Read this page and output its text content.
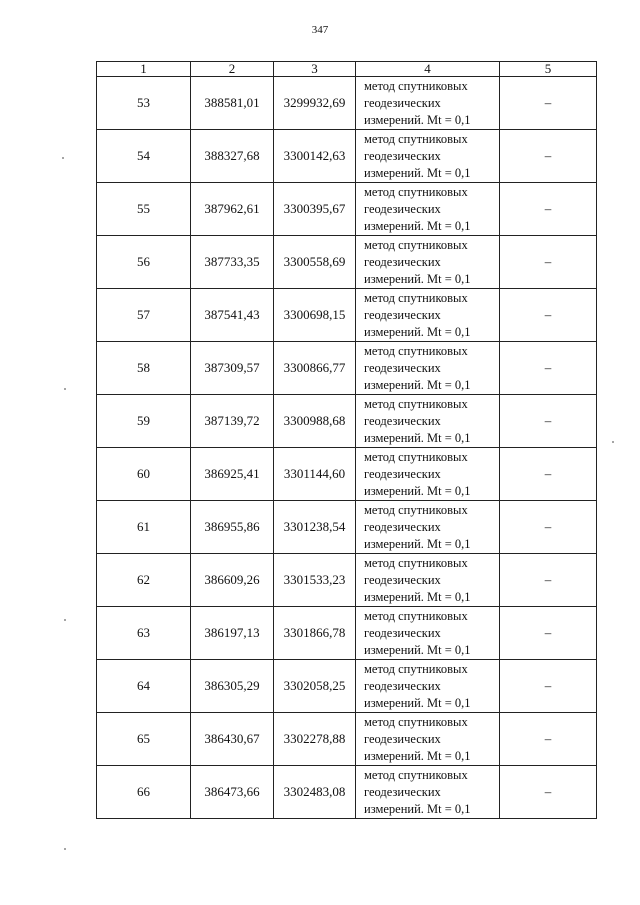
347
1	2	3	4	5
53	388581,01	3299932,69	метод спутниковых
геодезических
измерений. Mt = 0,1	–
54	388327,68	3300142,63	метод спутниковых
геодезических
измерений. Mt = 0,1	–
55	387962,61	3300395,67	метод спутниковых
геодезических
измерений. Mt = 0,1	–
56	387733,35	3300558,69	метод спутниковых
геодезических
измерений. Mt = 0,1	–
57	387541,43	3300698,15	метод спутниковых
геодезических
измерений. Mt = 0,1	–
58	387309,57	3300866,77	метод спутниковых
геодезических
измерений. Mt = 0,1	–
59	387139,72	3300988,68	метод спутниковых
геодезических
измерений. Mt = 0,1	–
60	386925,41	3301144,60	метод спутниковых
геодезических
измерений. Mt = 0,1	–
61	386955,86	3301238,54	метод спутниковых
геодезических
измерений. Mt = 0,1	–
62	386609,26	3301533,23	метод спутниковых
геодезических
измерений. Mt = 0,1	–
63	386197,13	3301866,78	метод спутниковых
геодезических
измерений. Mt = 0,1	–
64	386305,29	3302058,25	метод спутниковых
геодезических
измерений. Mt = 0,1	–
65	386430,67	3302278,88	метод спутниковых
геодезических
измерений. Mt = 0,1	–
66	386473,66	3302483,08	метод спутниковых
геодезических
измерений. Mt = 0,1	–
